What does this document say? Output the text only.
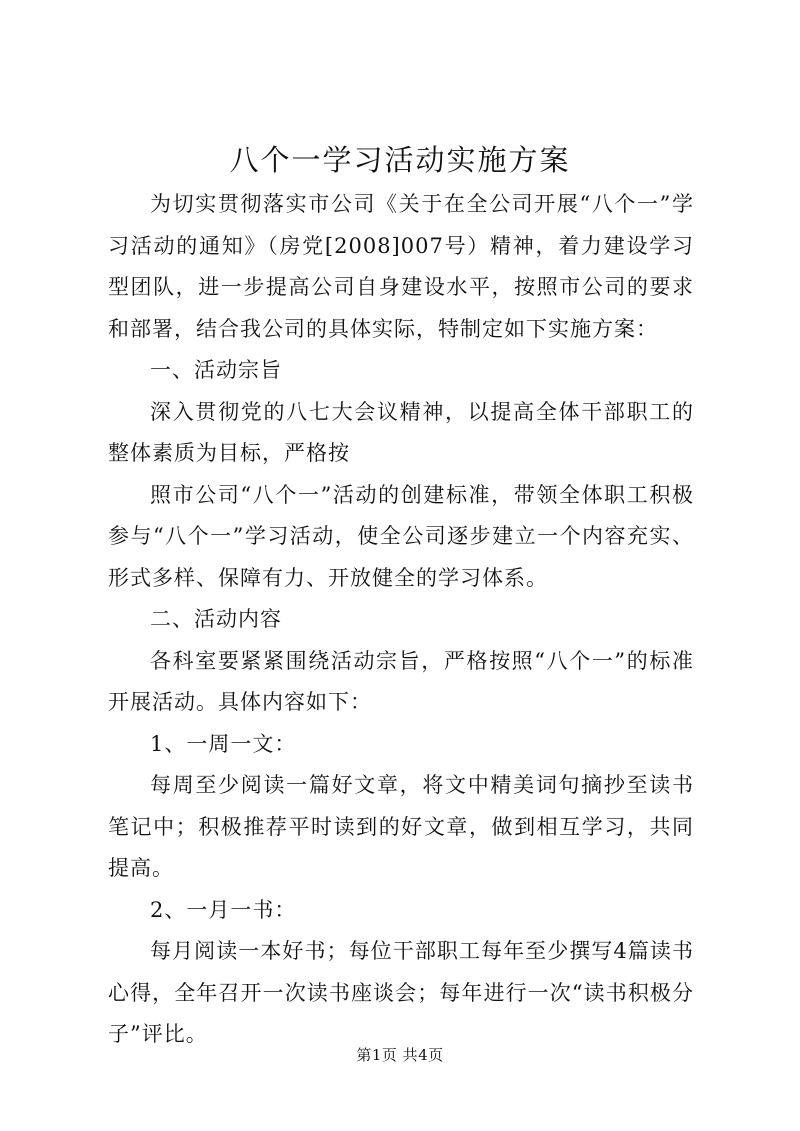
八个一学习活动实施方案

为切实贯彻落实市公司《关于在全公司开展“八个一”学习活动的通知》（房党[2008]007号）精神，着力建设学习型团队，进一步提高公司自身建设水平，按照市公司的要求和部署，结合我公司的具体实际，特制定如下实施方案：

一、活动宗旨

深入贯彻党的八七大会议精神，以提高全体干部职工的整体素质为目标，严格按

照市公司“八个一”活动的创建标准，带领全体职工积极参与“八个一”学习活动，使全公司逐步建立一个内容充实、形式多样、保障有力、开放健全的学习体系。

二、活动内容

各科室要紧紧围绕活动宗旨，严格按照“八个一”的标准开展活动。具体内容如下：

1、一周一文：

每周至少阅读一篇好文章，将文中精美词句摘抄至读书笔记中；积极推荐平时读到的好文章，做到相互学习，共同提高。

2、一月一书：

每月阅读一本好书；每位干部职工每年至少撰写4篇读书心得，全年召开一次读书座谈会；每年进行一次“读书积极分子”评比。

第1页 共4页
